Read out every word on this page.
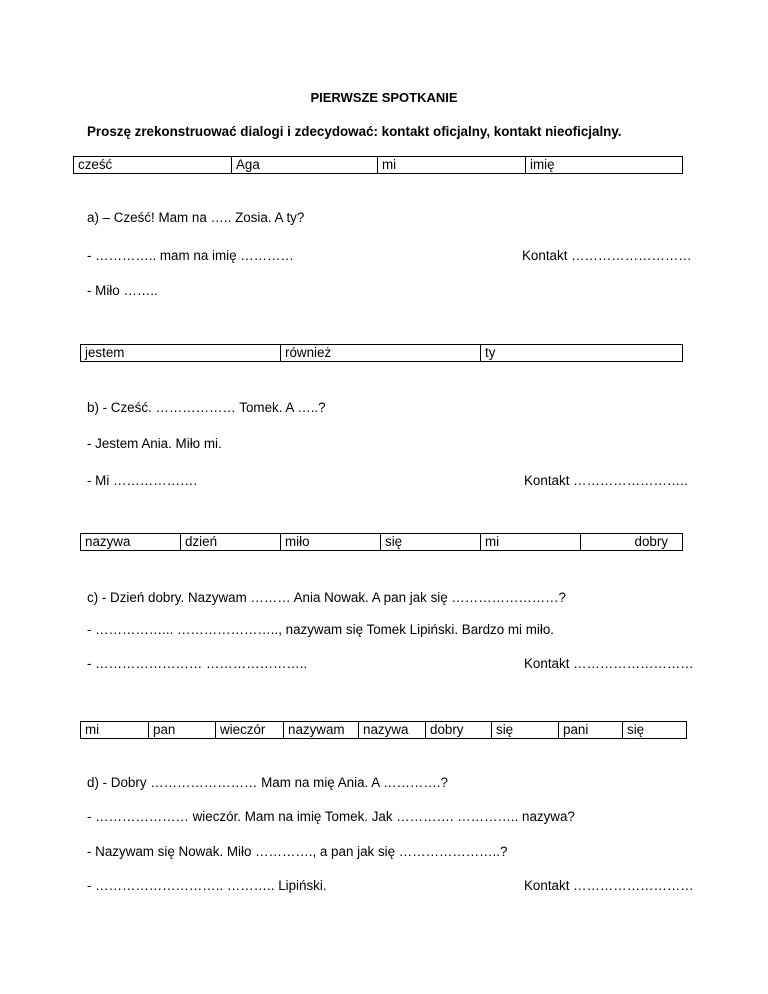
PIERWSZE SPOTKANIE
Proszę zrekonstruować dialogi i zdecydować: kontakt oficjalny, kontakt nieoficjalny.
cześć	Aga	mi	imię
a) – Cześć! Mam na ….. Zosia. A ty?
- ………….. mam na imię …………	Kontakt ………………………
- Miło ……..
jestem	również	ty
b) - Cześć. ……………… Tomek. A …..?
- Jestem Ania. Miło mi.
- Mi ……………….	Kontakt ……………………..
nazywa	dzień	miło	się	mi	dobry
c) - Dzień dobry. Nazywam ……… Ania Nowak. A pan jak się ……………………?
- ……………... ………………….., nazywam się Tomek Lipiński. Bardzo mi miło.
- …………………… …………………..	Kontakt ………………………
mi	pan	wieczór	nazywam	nazywa	dobry	się	pani	się
d) - Dobry …………………… Mam na mię Ania. A ………….?
- ………………… wieczór. Mam na imię Tomek. Jak …………. ………….. nazywa?
- Nazywam się Nowak. Miło …………., a pan jak się …………………..?
- ……………………….. ……….. Lipiński.	Kontakt ………………………
